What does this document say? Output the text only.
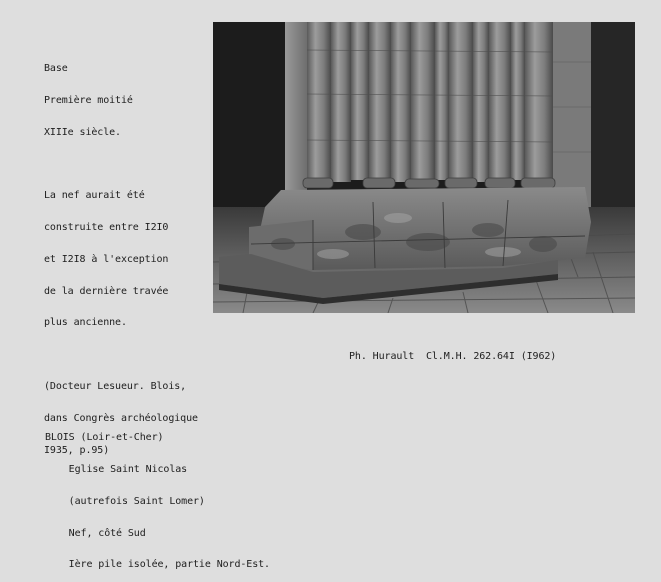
Base

Première moitié

XIIIe siècle.

La nef aurait été

construite entre I2I0

et I2I8 à l'exception

de la dernière travée

plus ancienne.

(Docteur Lesueur. Blois,

dans Congrès archéologique

I935, p.95)

Ph. Hurault  Cl.M.H. 262.64I (I962)

BLOIS (Loir-et-Cher)

Eglise Saint Nicolas

(autrefois Saint Lomer)

Nef, côté Sud

Ière pile isolée, partie Nord-Est.
